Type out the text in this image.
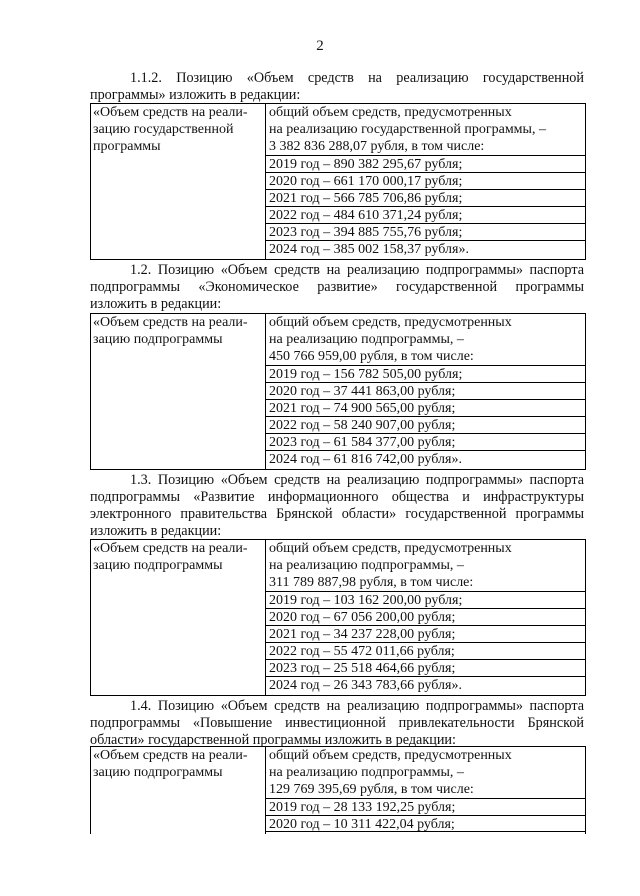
2
1.1.2. Позицию «Объем средств на реализацию государственной
программы» изложить в редакции:
«Объем средств на реали-
зацию государственной
программы
общий объем средств, предусмотренных
на реализацию государственной программы, –
3 382 836 288,07 рубля, в том числе:
2019 год – 890 382 295,67 рубля;
2020 год – 661 170 000,17 рубля;
2021 год – 566 785 706,86 рубля;
2022 год – 484 610 371,24 рубля;
2023 год – 394 885 755,76 рубля;
2024 год – 385 002 158,37 рубля».
1.2. Позицию «Объем средств на реализацию подпрограммы» паспорта
подпрограммы «Экономическое развитие» государственной программы
изложить в редакции:
«Объем средств на реали-
зацию подпрограммы
общий объем средств, предусмотренных
на реализацию подпрограммы, –
450 766 959,00 рубля, в том числе:
2019 год – 156 782 505,00 рубля;
2020 год – 37 441 863,00 рубля;
2021 год – 74 900 565,00 рубля;
2022 год – 58 240 907,00 рубля;
2023 год – 61 584 377,00 рубля;
2024 год – 61 816 742,00 рубля».
1.3. Позицию «Объем средств на реализацию подпрограммы» паспорта
подпрограммы «Развитие информационного общества и инфраструктуры
электронного правительства Брянской области» государственной программы
изложить в редакции:
«Объем средств на реали-
зацию подпрограммы
общий объем средств, предусмотренных
на реализацию подпрограммы, –
311 789 887,98 рубля, в том числе:
2019 год – 103 162 200,00 рубля;
2020 год – 67 056 200,00 рубля;
2021 год – 34 237 228,00 рубля;
2022 год – 55 472 011,66 рубля;
2023 год – 25 518 464,66 рубля;
2024 год – 26 343 783,66 рубля».
1.4. Позицию «Объем средств на реализацию подпрограммы» паспорта
подпрограммы «Повышение инвестиционной привлекательности Брянской
области» государственной программы изложить в редакции:
«Объем средств на реали-
зацию подпрограммы
общий объем средств, предусмотренных
на реализацию подпрограммы, –
129 769 395,69 рубля, в том числе:
2019 год – 28 133 192,25 рубля;
2020 год – 10 311 422,04 рубля;
